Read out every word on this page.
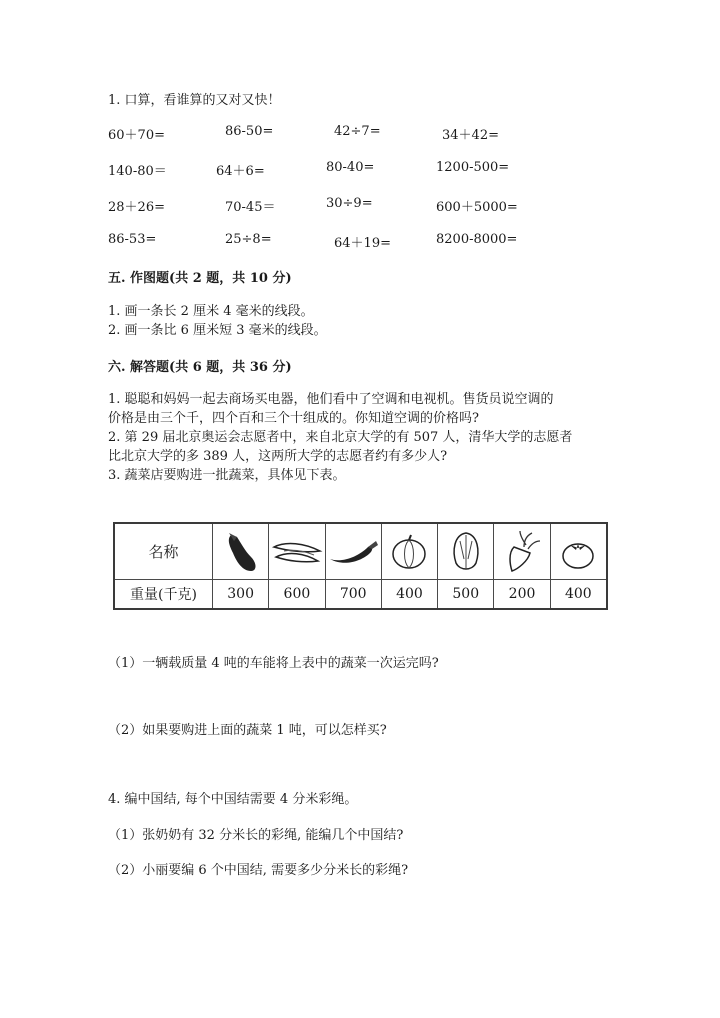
1. 口算，看谁算的又对又快！
60＋70=	86-50=	42÷7=	34＋42=
140-80＝	64＋6=	80-40=	1200-500=
28＋26=	70-45＝	30÷9=	600＋5000=
86-53=	25÷8=	64＋19=	8200-8000=
五. 作图题(共 2 题，共 10 分)
1. 画一条长 2 厘米 4 毫米的线段。
2. 画一条比 6 厘米短 3 毫米的线段。
六. 解答题(共 6 题，共 36 分)
1. 聪聪和妈妈一起去商场买电器，他们看中了空调和电视机。售货员说空调的
价格是由三个千，四个百和三个十组成的。你知道空调的价格吗?
2. 第 29 届北京奥运会志愿者中，来自北京大学的有 507 人，清华大学的志愿者
比北京大学的多 389 人，这两所大学的志愿者约有多少人?
3. 蔬菜店要购进一批蔬菜，具体见下表。
名称
重量(千克) 300 600 700 400 500 200 400
（1）一辆载质量 4 吨的车能将上表中的蔬菜一次运完吗?
（2）如果要购进上面的蔬菜 1 吨，可以怎样买?
4. 编中国结, 每个中国结需要 4 分米彩绳。
（1）张奶奶有 32 分米长的彩绳, 能编几个中国结?
（2）小丽要编 6 个中国结, 需要多少分米长的彩绳?
